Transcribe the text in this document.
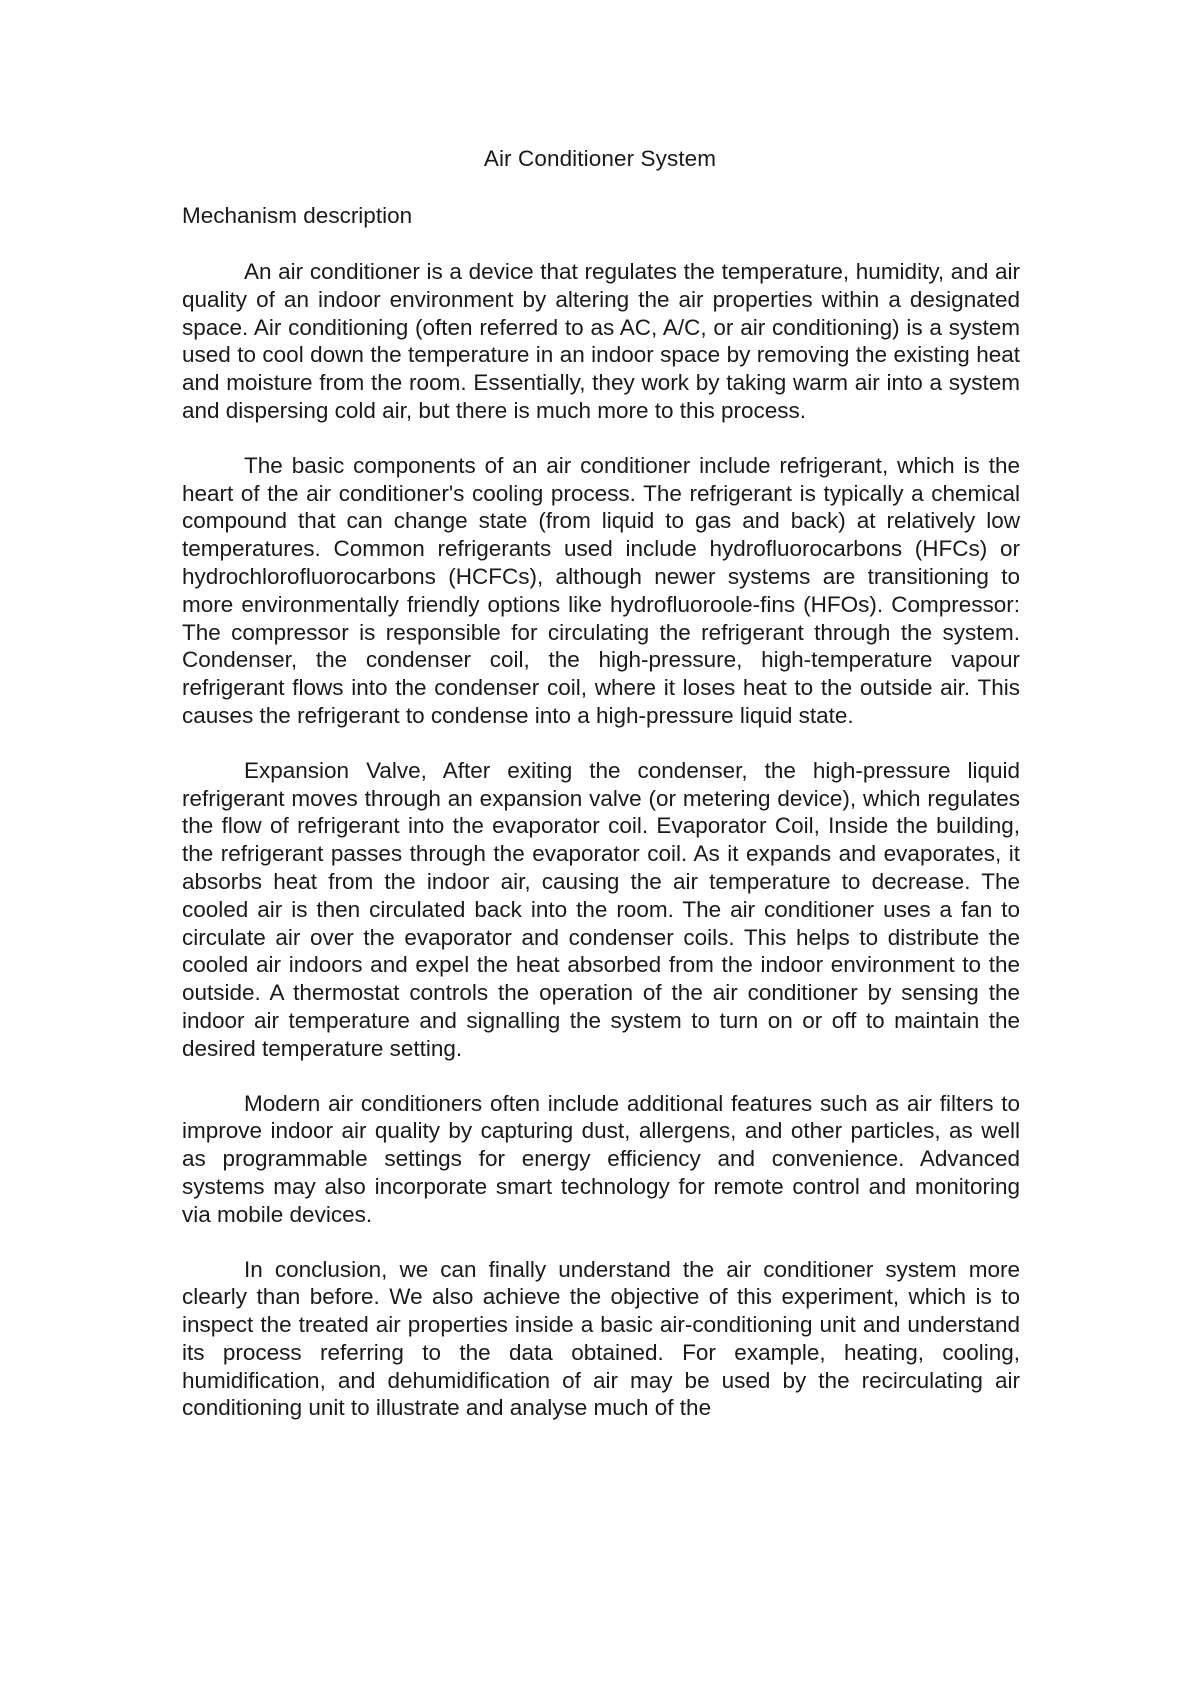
Air Conditioner System
Mechanism description

An air conditioner is a device that regulates the temperature, humidity, and air quality of an indoor environment by altering the air properties within a designated space. Air conditioning (often referred to as AC, A/C, or air conditioning) is a system used to cool down the temperature in an indoor space by removing the existing heat and moisture from the room. Essentially, they work by taking warm air into a system and dispersing cold air, but there is much more to this process.

The basic components of an air conditioner include refrigerant, which is the heart of the air conditioner's cooling process. The refrigerant is typically a chemical compound that can change state (from liquid to gas and back) at relatively low temperatures. Common refrigerants used include hydrofluorocarbons (HFCs) or hydrochlorofluorocarbons (HCFCs), although newer systems are transitioning to more environmentally friendly options like hydrofluoroole-fins (HFOs). Compressor: The compressor is responsible for circulating the refrigerant through the system. Condenser, the condenser coil, the high-pressure, high-temperature vapour refrigerant flows into the condenser coil, where it loses heat to the outside air. This causes the refrigerant to condense into a high-pressure liquid state.

Expansion Valve, After exiting the condenser, the high-pressure liquid refrigerant moves through an expansion valve (or metering device), which regulates the flow of refrigerant into the evaporator coil. Evaporator Coil, Inside the building, the refrigerant passes through the evaporator coil. As it expands and evaporates, it absorbs heat from the indoor air, causing the air temperature to decrease. The cooled air is then circulated back into the room. The air conditioner uses a fan to circulate air over the evaporator and condenser coils. This helps to distribute the cooled air indoors and expel the heat absorbed from the indoor environment to the outside. A thermostat controls the operation of the air conditioner by sensing the indoor air temperature and signalling the system to turn on or off to maintain the desired temperature setting.

Modern air conditioners often include additional features such as air filters to improve indoor air quality by capturing dust, allergens, and other particles, as well as programmable settings for energy efficiency and convenience. Advanced systems may also incorporate smart technology for remote control and monitoring via mobile devices.

In conclusion, we can finally understand the air conditioner system more clearly than before. We also achieve the objective of this experiment, which is to inspect the treated air properties inside a basic air-conditioning unit and understand its process referring to the data obtained. For example, heating, cooling, humidification, and dehumidification of air may be used by the recirculating air conditioning unit to illustrate and analyse much of the
